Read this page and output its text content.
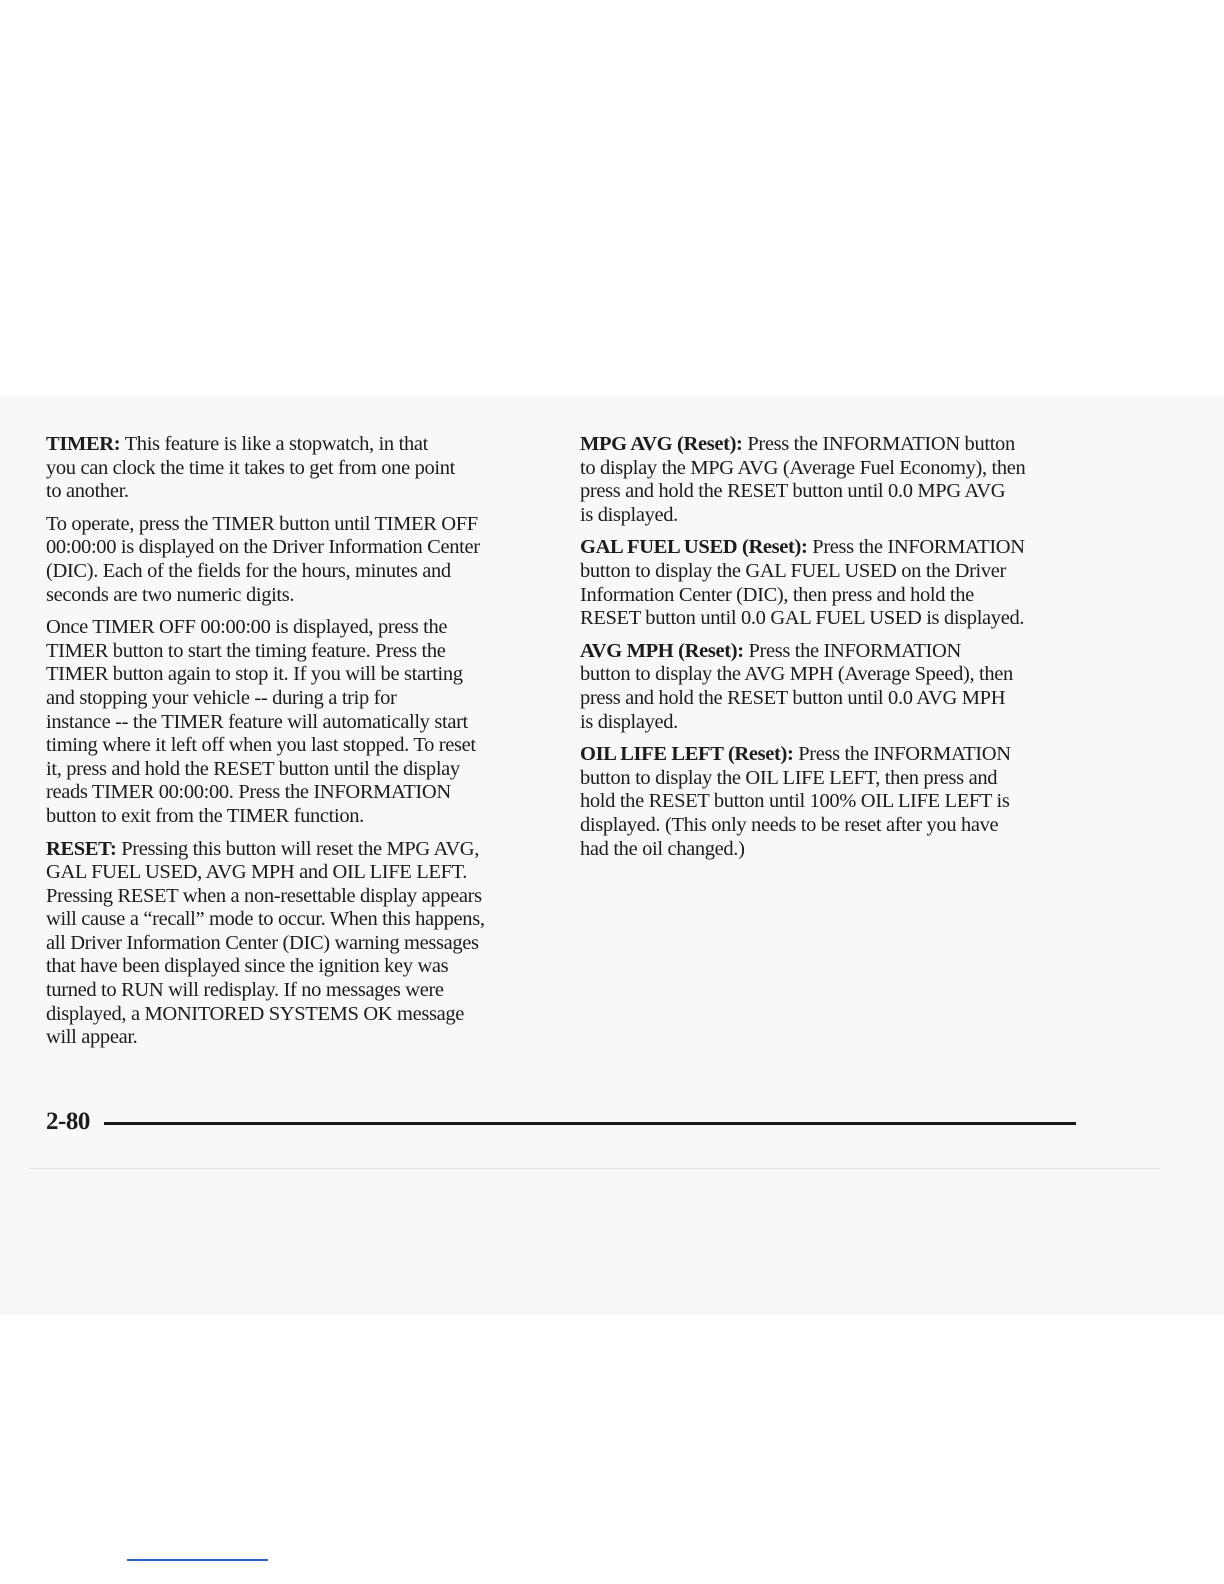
TIMER: This feature is like a stopwatch, in that
you can clock the time it takes to get from one point
to another.

To operate, press the TIMER button until TIMER OFF
00:00:00 is displayed on the Driver Information Center
(DIC). Each of the fields for the hours, minutes and
seconds are two numeric digits.

Once TIMER OFF 00:00:00 is displayed, press the
TIMER button to start the timing feature. Press the
TIMER button again to stop it. If you will be starting
and stopping your vehicle -- during a trip for
instance -- the TIMER feature will automatically start
timing where it left off when you last stopped. To reset
it, press and hold the RESET button until the display
reads TIMER 00:00:00. Press the INFORMATION
button to exit from the TIMER function.

RESET: Pressing this button will reset the MPG AVG,
GAL FUEL USED, AVG MPH and OIL LIFE LEFT.
Pressing RESET when a non-resettable display appears
will cause a “recall” mode to occur. When this happens,
all Driver Information Center (DIC) warning messages
that have been displayed since the ignition key was
turned to RUN will redisplay. If no messages were
displayed, a MONITORED SYSTEMS OK message
will appear.

MPG AVG (Reset): Press the INFORMATION button
to display the MPG AVG (Average Fuel Economy), then
press and hold the RESET button until 0.0 MPG AVG
is displayed.

GAL FUEL USED (Reset): Press the INFORMATION
button to display the GAL FUEL USED on the Driver
Information Center (DIC), then press and hold the
RESET button until 0.0 GAL FUEL USED is displayed.

AVG MPH (Reset): Press the INFORMATION
button to display the AVG MPH (Average Speed), then
press and hold the RESET button until 0.0 AVG MPH
is displayed.

OIL LIFE LEFT (Reset): Press the INFORMATION
button to display the OIL LIFE LEFT, then press and
hold the RESET button until 100% OIL LIFE LEFT is
displayed. (This only needs to be reset after you have
had the oil changed.)

2-80
